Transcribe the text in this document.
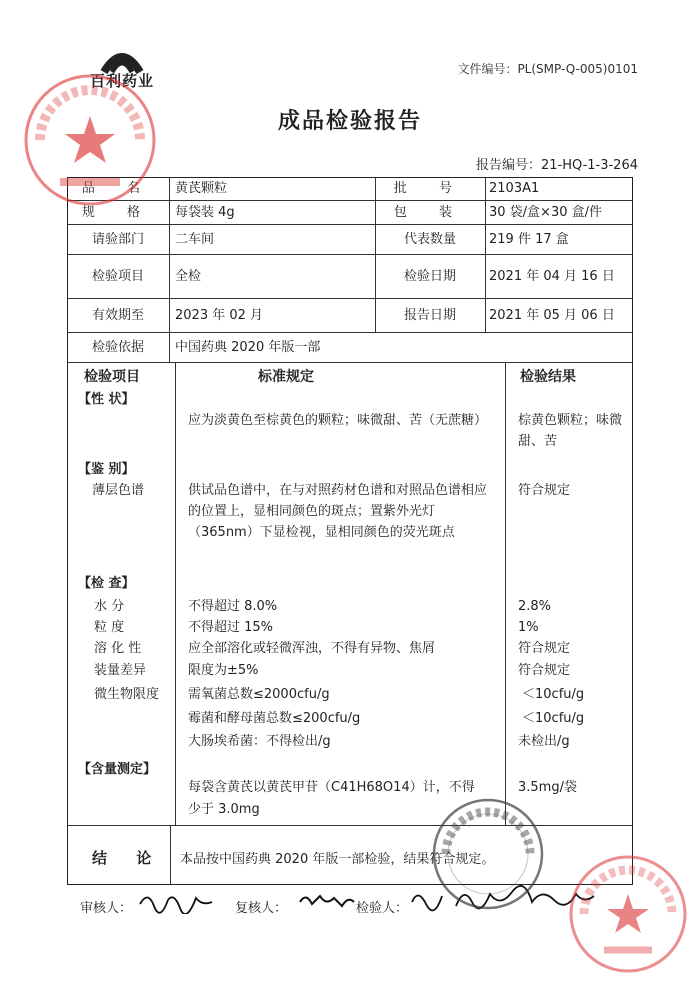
百利药业
文件编号：PL(SMP-Q-005)0101
成品检验报告
报告编号：21-HQ-1-3-264
品 名	黄芪颗粒	批 号	2103A1
规 格	每袋装 4g	包 装	30 袋/盒×30 盒/件
请验部门	二车间	代表数量	219 件 17 盒
检验项目	全检	检验日期	2021 年 04 月 16 日
有效期至	2023 年 02 月	报告日期	2021 年 05 月 06 日
检验依据	中国药典 2020 年版一部
检验项目	标准规定	检验结果
【性 状】
应为淡黄色至棕黄色的颗粒；味微甜、苦（无蔗糖）	棕黄色颗粒；味微甜、苦
【鉴 别】
薄层色谱	供试品色谱中，在与对照药材色谱和对照品色谱相应的位置上，显相同颜色的斑点；置紫外光灯（365nm）下显检视，显相同颜色的荧光斑点
符合规定
【检 查】
水 分	不得超过 8.0%	2.8%
粒 度	不得超过 15%	1%
溶 化 性	应全部溶化或轻微浑浊，不得有异物、焦屑	符合规定
装量差异	限度为±5%	符合规定
微生物限度 需氧菌总数≤2000cfu/g	＜10cfu/g
霉菌和酵母菌总数≤200cfu/g	＜10cfu/g
大肠埃希菌：不得检出/g	未检出/g
【含量测定】
每袋含黄芪以黄芪甲苷（C41H68O14）计，不得
少于 3.0mg
3.5mg/袋
结 论 本品按中国药典 2020 年版一部检验，结果符合规定。
审核人：	复核人：	检验人：
